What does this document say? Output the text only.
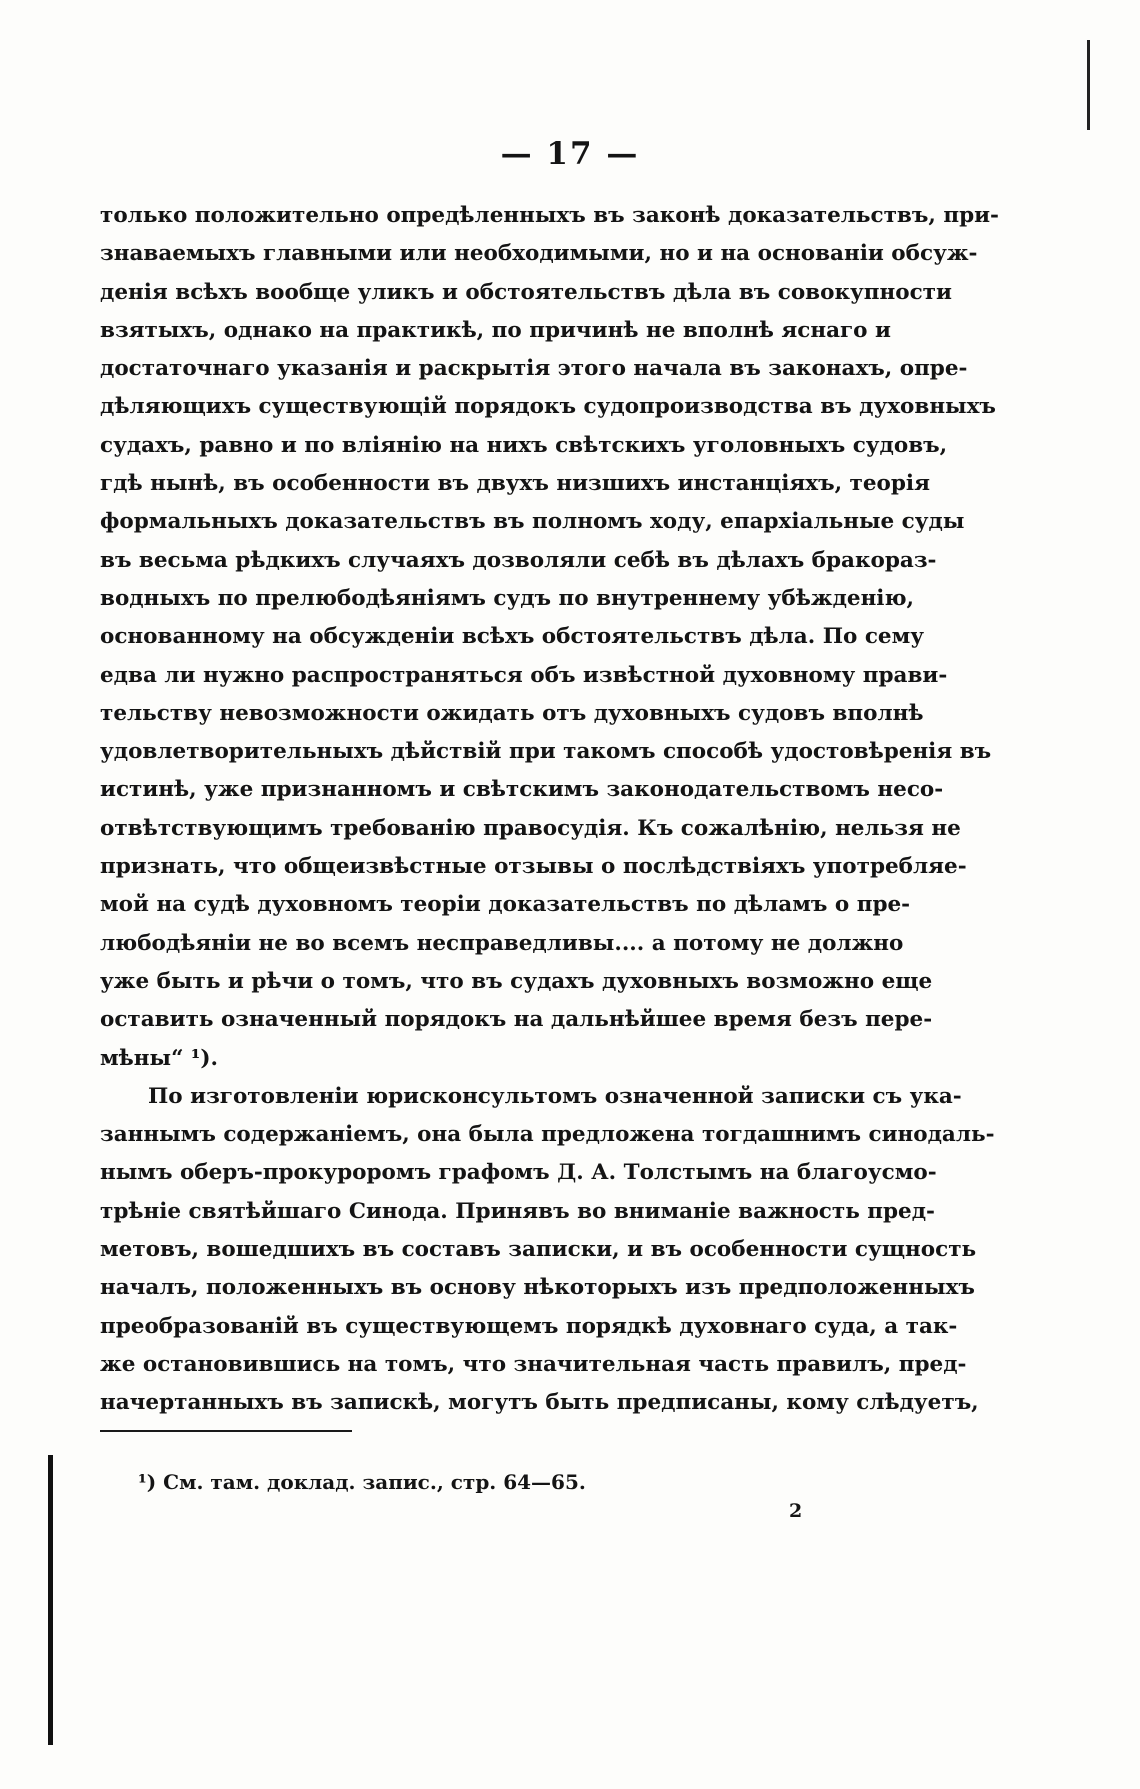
— 17 —
только положительно опредѣленныхъ въ законѣ доказательствъ, при-
знаваемыхъ главными или необходимыми, но и на основаніи обсуж-
денія всѣхъ вообще уликъ и обстоятельствъ дѣла въ совокупности
взятыхъ, однако на практикѣ, по причинѣ не вполнѣ яснаго и
достаточнаго указанія и раскрытія этого начала въ законахъ, опре-
дѣляющихъ существующій порядокъ судопроизводства въ духовныхъ
судахъ, равно и по вліянію на нихъ свѣтскихъ уголовныхъ судовъ,
гдѣ нынѣ, въ особенности въ двухъ низшихъ инстанціяхъ, теорія
формальныхъ доказательствъ въ полномъ ходу, епархіальные суды
въ весьма рѣдкихъ случаяхъ дозволяли себѣ въ дѣлахъ бракораз-
водныхъ по прелюбодѣяніямъ судъ по внутреннему убѣжденію,
основанному на обсужденіи всѣхъ обстоятельствъ дѣла. По сему
едва ли нужно распространяться объ извѣстной духовному прави-
тельству невозможности ожидать отъ духовныхъ судовъ вполнѣ
удовлетворительныхъ дѣйствій при такомъ способѣ удостовѣренія въ
истинѣ, уже признанномъ и свѣтскимъ законодательствомъ несо-
отвѣтствующимъ требованію правосудія. Къ сожалѣнію, нельзя не
признать, что общеизвѣстные отзывы о послѣдствіяхъ употребляе-
мой на судѣ духовномъ теоріи доказательствъ по дѣламъ о пре-
любодѣяніи не во всемъ несправедливы.... а потому не должно
уже быть и рѣчи о томъ, что въ судахъ духовныхъ возможно еще
оставить означенный порядокъ на дальнѣйшее время безъ пере-
мѣны“ ¹).
По изготовленіи юрисконсультомъ означенной записки съ ука-
заннымъ содержаніемъ, она была предложена тогдашнимъ синодаль-
нымъ оберъ-прокуроромъ графомъ Д. А. Толстымъ на благоусмо-
трѣніе святѣйшаго Синода. Принявъ во вниманіе важность пред-
метовъ, вошедшихъ въ составъ записки, и въ особенности сущность
началъ, положенныхъ въ основу нѣкоторыхъ изъ предположенныхъ
преобразованій въ существующемъ порядкѣ духовнаго суда, а так-
же остановившись на томъ, что значительная часть правилъ, пред-
начертанныхъ въ запискѣ, могутъ быть предписаны, кому слѣдуетъ,
¹) См. там. доклад. запис., стр. 64—65.
2
